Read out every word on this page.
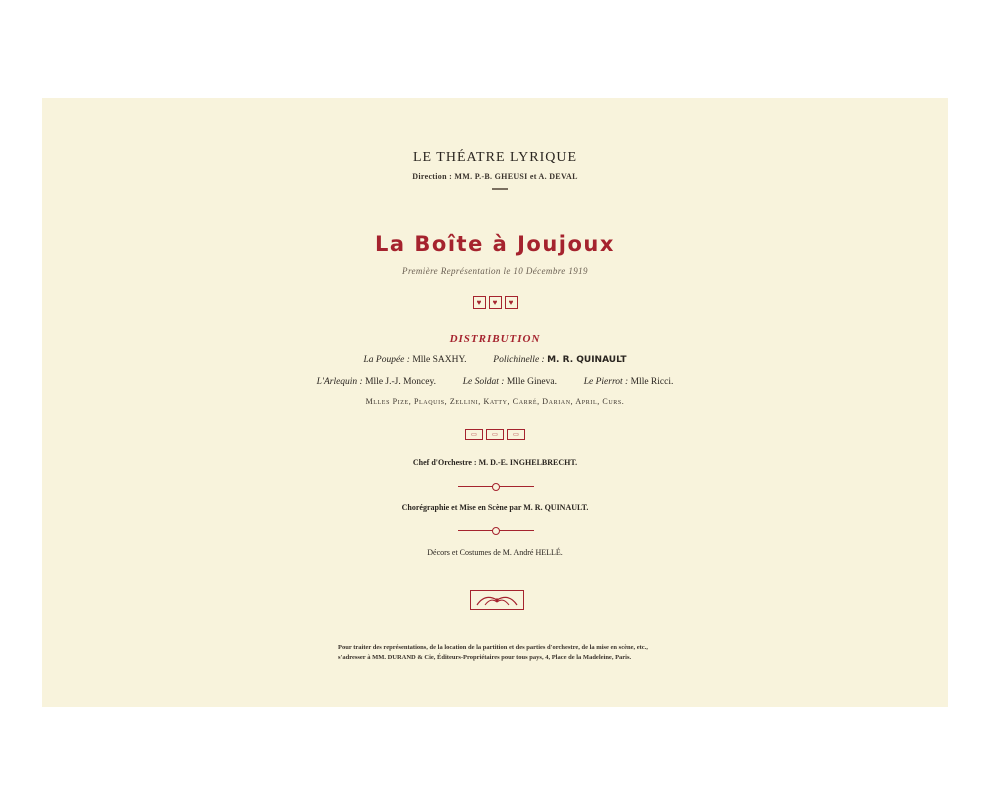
LE THÉATRE LYRIQUE
Direction : MM. P.-B. GHEUSI et A. DEVAL
La Boîte à Joujoux
Première Représentation le 10 Décembre 1919
♥	♥	♥
DISTRIBUTION
La Poupée : Mlle SAXHY.	Polichinelle : M. R. QUINAULT
L'Arlequin : Mlle J.-J. Moncey.	Le Soldat : Mlle Gineva.	Le Pierrot : Mlle Ricci.
Mlles Pize, Plaquis, Zellini, Katty, Carré, Darian, April, Curs.
▭	▭	▭
Chef d'Orchestre : M. D.-E. INGHELBRECHT.
Chorégraphie et Mise en Scène par M. R. QUINAULT.
Décors et Costumes de M. André HELLÉ.
Pour traiter des représentations, de la location de la partition et des parties d'orchestre, de la mise en scène, etc., s'adresser à MM. DURAND & Cie, Éditeurs-Propriétaires pour tous pays, 4, Place de la Madeleine, Paris.
